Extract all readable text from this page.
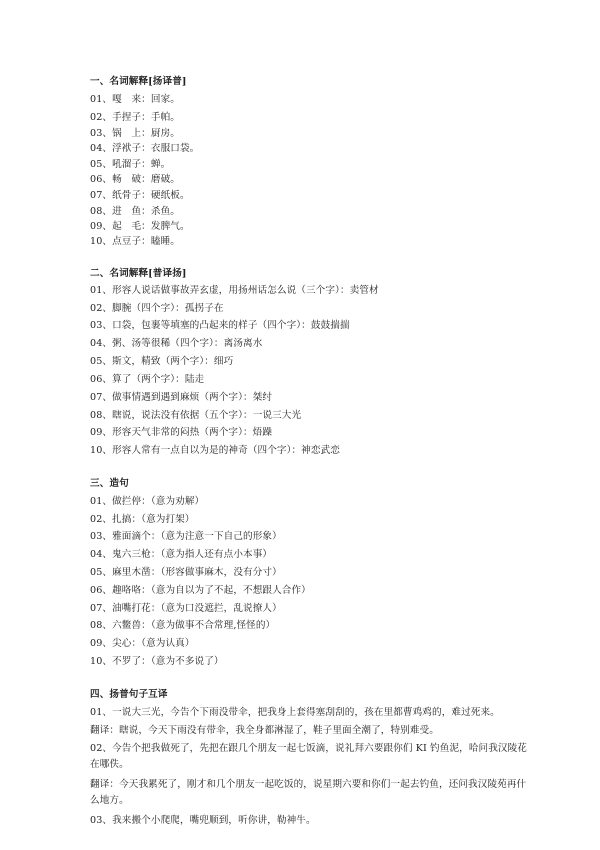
一、名词解释[扬译普]
01、嘎　来：回家。
02、手捏子：手帕。
03、锅　上：厨房。
04、浮袱子：衣服口袋。
05、吼溜子：蝉。
06、畅　破：磨破。
07、纸骨子：硬纸板。
08、进　鱼：杀鱼。
09、起　毛：发脾气。
10、点豆子：瞌睡。
二、名词解释[普译扬]
01、形容人说话做事故弄玄虚，用扬州话怎么说（三个字）：卖管材
02、脚腕（四个字）：孤拐子在
03、口袋，包裹等填塞的凸起来的样子（四个字）：鼓鼓揣揣
04、粥、汤等很稀（四个字）：离汤离水
05、斯文，精致（两个字）：细巧
06、算了（两个字）：陆走
07、做事情遇到遇到麻烦（两个字）：桀纣
08、瞎说，说法没有依据（五个字）：一说三大光
09、形容天气非常的闷热（两个字）：焐躁
10、形容人常有一点自以为是的神奇（四个字）：神恋武恋
三、造句
01、做拦停：（意为劝解）
02、扎搞：（意为打架）
03、雅面滴个：（意为注意一下自己的形象）
04、鬼六三枪：（意为指人还有点小本事）
05、麻里木凿：（形容做事麻木，没有分寸）
06、趣咯咯：（意为自以为了不起，不想跟人合作）
07、油嘴打花：（意为口没遮拦，乱说撩人）
08、六鳖兽：（意为做事不合常理,怪怪的）
09、尖心：（意为认真）
10、不罗了：（意为不多说了）
四、扬普句子互译
01、一说大三光，今告个下雨没带伞，把我身上套得塞刮刮的，孩在里都曹鸡鸡的，难过死来。
翻译：瞎说，今天下雨没有带伞，我全身都淋湿了，鞋子里面全潮了，特别难受。
02、今告个把我做死了，先把在跟几个朋友一起七饭滴，说礼拜六要跟你们 KI 钓鱼泥，哈问我汉陵花在哪佚。
翻译：今天我累死了，刚才和几个朋友一起吃饭的，说星期六要和你们一起去钓鱼，还问我汉陵苑再什么地方。
03、我来搬个小爬爬，嘴兜顺到，听你讲，勒神牛。
